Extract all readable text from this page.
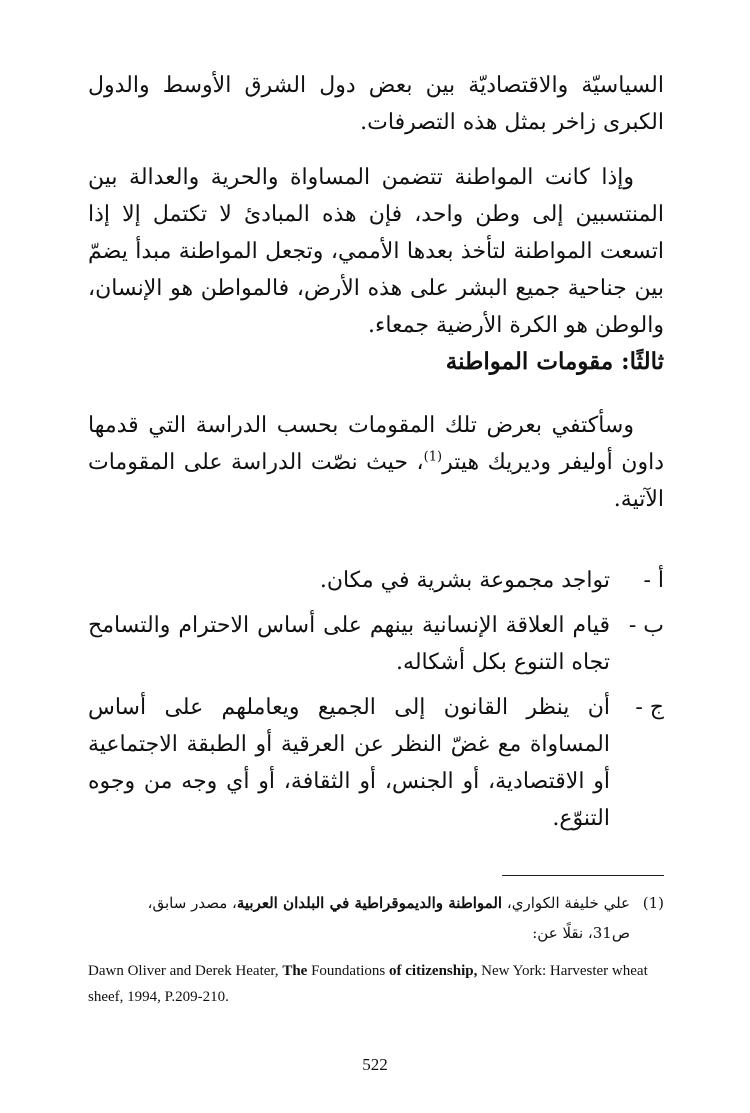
السياسيّة والاقتصاديّة بين بعض دول الشرق الأوسط والدول الكبرى زاخر بمثل هذه التصرفات.
وإذا كانت المواطنة تتضمن المساواة والحرية والعدالة بين المنتسبين إلى وطن واحد، فإن هذه المبادئ لا تكتمل إلا إذا اتسعت المواطنة لتأخذ بعدها الأممي، وتجعل المواطنة مبدأ يضمّ بين جناحية جميع البشر على هذه الأرض، فالمواطن هو الإنسان، والوطن هو الكرة الأرضية جمعاء.
ثالثًا: مقومات المواطنة
وسأكتفي بعرض تلك المقومات بحسب الدراسة التي قدمها داون أوليفر وديريك هيتر$^{(1)}$، حيث نصّت الدراسة على المقومات الآتية.
أ -
تواجد مجموعة بشرية في مكان.
ب -
قيام العلاقة الإنسانية بينهم على أساس الاحترام والتسامح تجاه التنوع بكل أشكاله.
ج -
أن ينظر القانون إلى الجميع ويعاملهم على أساس المساواة مع غضّ النظر عن العرقية أو الطبقة الاجتماعية أو الاقتصادية، أو الجنس، أو الثقافة، أو أي وجه من وجوه التنوّع.
(1)
علي خليفة الكواري، المواطنة والديموقراطية في البلدان العربية، مصدر سابق،
ص31، نقلًا عن:
Dawn Oliver and Derek Heater, The Foundations of citizenship, New York: Harvester wheat sheef, 1994, P.209-210.
522
